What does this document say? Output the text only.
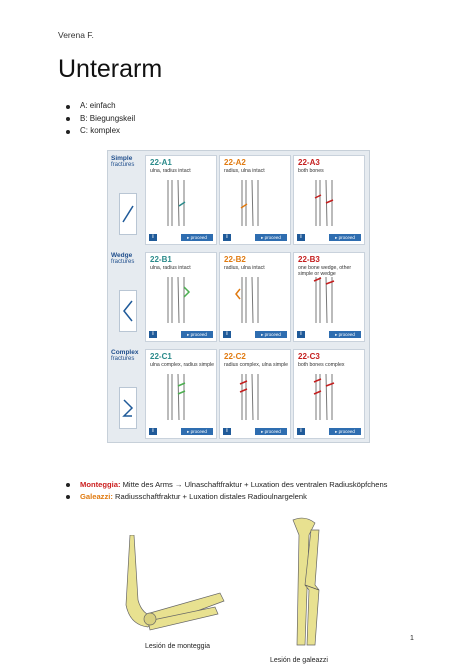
Verena F.
Unterarm
A: einfach
B: Biegungskeil
C: komplex
Simple
fractures	22-A1
ulna, radius intact
i	▸ proceed
22-A2
radius, ulna intact
i	▸ proceed
22-A3
both bones
i	▸ proceed
Wedge
fractures	22-B1
ulna, radius intact
i	▸ proceed
22-B2
radius, ulna intact
i	▸ proceed
22-B3
one bone wedge, other simple or wedge
i	▸ proceed
Complex
fractures	22-C1
ulna complex, radius simple
i	▸ proceed
22-C2
radius complex, ulna simple
i	▸ proceed
22-C3
both bones complex
i	▸ proceed
Monteggia: Mitte des Arms → Ulnaschaftfraktur + Luxation des ventralen Radiusköpfchens
Galeazzi: Radiusschaftfraktur + Luxation distales Radioulnargelenk
Lesión de monteggia
Lesión de galeazzi
1
